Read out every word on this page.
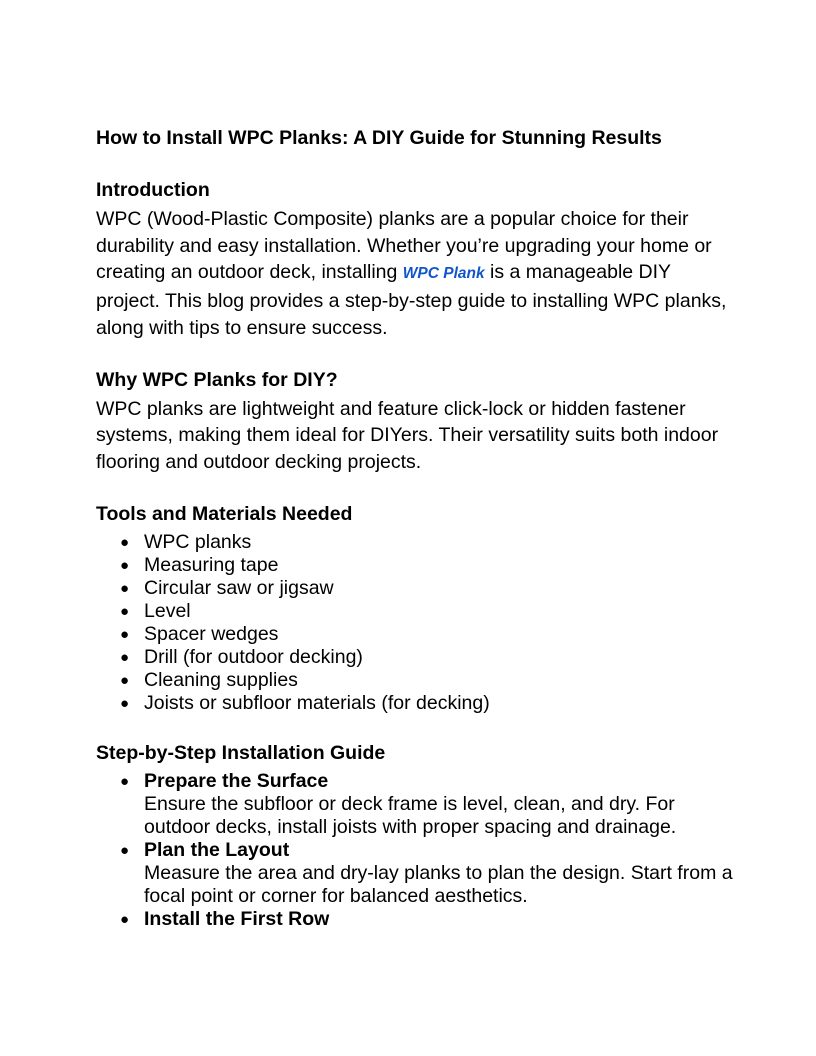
How to Install WPC Planks: A DIY Guide for Stunning Results
Introduction

WPC (Wood-Plastic Composite) planks are a popular choice for their durability and easy installation. Whether you’re upgrading your home or creating an outdoor deck, installing WPC Plank is a manageable DIY project. This blog provides a step-by-step guide to installing WPC planks, along with tips to ensure success.

Why WPC Planks for DIY?

WPC planks are lightweight and feature click-lock or hidden fastener systems, making them ideal for DIYers. Their versatility suits both indoor flooring and outdoor decking projects.

Tools and Materials Needed
● WPC planks
● Measuring tape
● Circular saw or jigsaw
● Level
● Spacer wedges
● Drill (for outdoor decking)
● Cleaning supplies
● Joists or subfloor materials (for decking)
Step-by-Step Installation Guide
● Prepare the Surface
Ensure the subfloor or deck frame is level, clean, and dry. For outdoor decks, install joists with proper spacing and drainage.
● Plan the Layout
Measure the area and dry-lay planks to plan the design. Start from a focal point or corner for balanced aesthetics.
● Install the First Row
